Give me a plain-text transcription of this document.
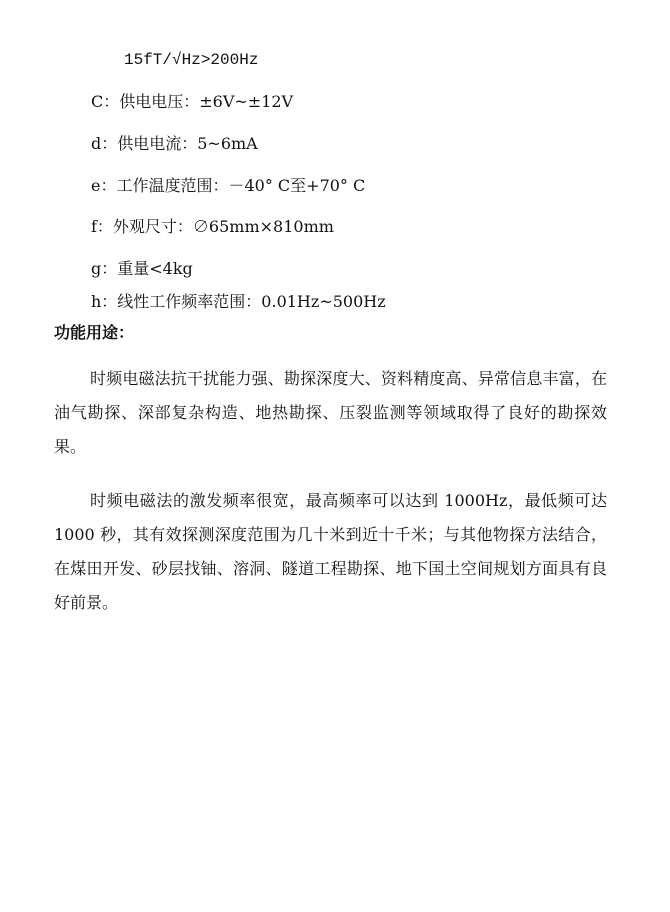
15fT/√Hz>200Hz
C：供电电压：±6V~±12V
d：供电电流：5~6mA
e：工作温度范围：－40° C至+70° C
f：外观尺寸：∅65mm×810mm
g：重量<4kg
h：线性工作频率范围：0.01Hz~500Hz
功能用途：
时频电磁法抗干扰能力强、勘探深度大、资料精度高、异常信息丰富，在油气勘探、深部复杂构造、地热勘探、压裂监测等领域取得了良好的勘探效果。
时频电磁法的激发频率很宽，最高频率可以达到 1000Hz，最低频可达 1000 秒，其有效探测深度范围为几十米到近十千米；与其他物探方法结合，在煤田开发、砂层找铀、溶洞、隧道工程勘探、地下国土空间规划方面具有良好前景。
